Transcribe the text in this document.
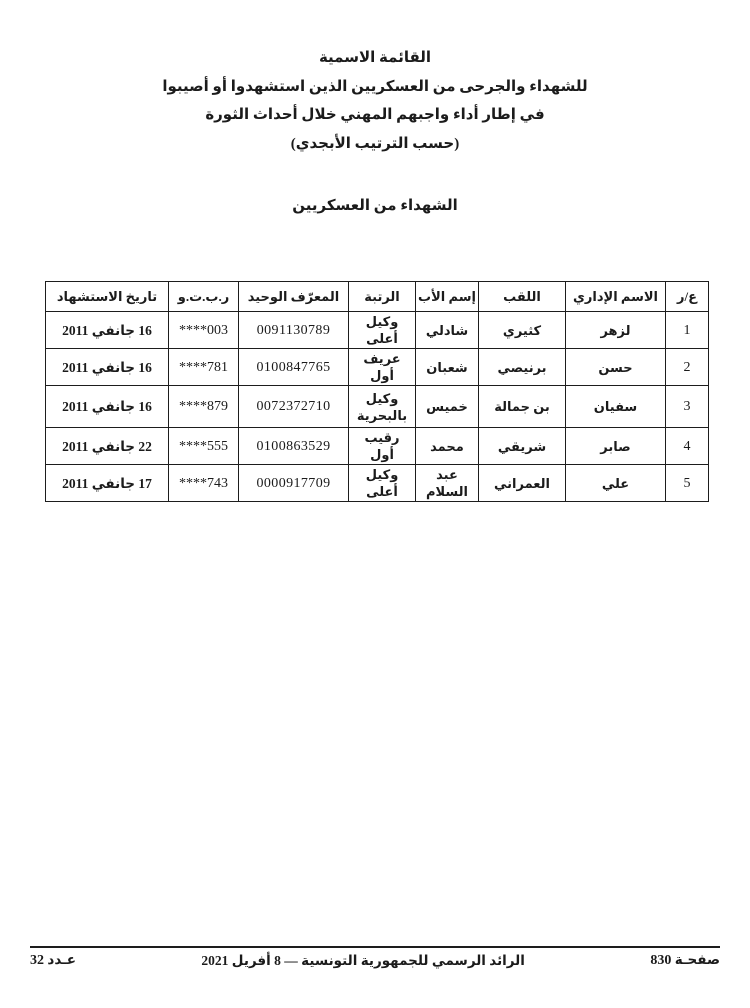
القائمة الاسمية
للشهداء والجرحى من العسكريين الذين استشهدوا أو أصيبوا
في إطار أداء واجبهم المهني خلال أحداث الثورة
(حسب الترتيب الأبجدي)
الشهداء من العسكريين
ع/ر	الاسم الإداري	اللقب	إسم الأب	الرتبة	المعرّف الوحيد	ر.ب.ت.و	تاريخ الاستشهاد
1	لزهر	كثيري	شادلي	وكيل أعلى	0091130789	****003	16 جانفي 2011
2	حسن	برنيصي	شعبان	عريف أول	0100847765	****781	16 جانفي 2011
3	سفيان	بن جمالة	خميس	وكيل بالبحرية	0072372710	****879	16 جانفي 2011
4	صابر	شريقي	محمد	رقيب أول	0100863529	****555	22 جانفي 2011
5	علي	العمراني	عبد السلام	وكيل أعلى	0000917709	****743	17 جانفي 2011
صفحـة 830
الرائد الرسمي للجمهورية التونسية — 8 أفريل 2021
عـدد 32
